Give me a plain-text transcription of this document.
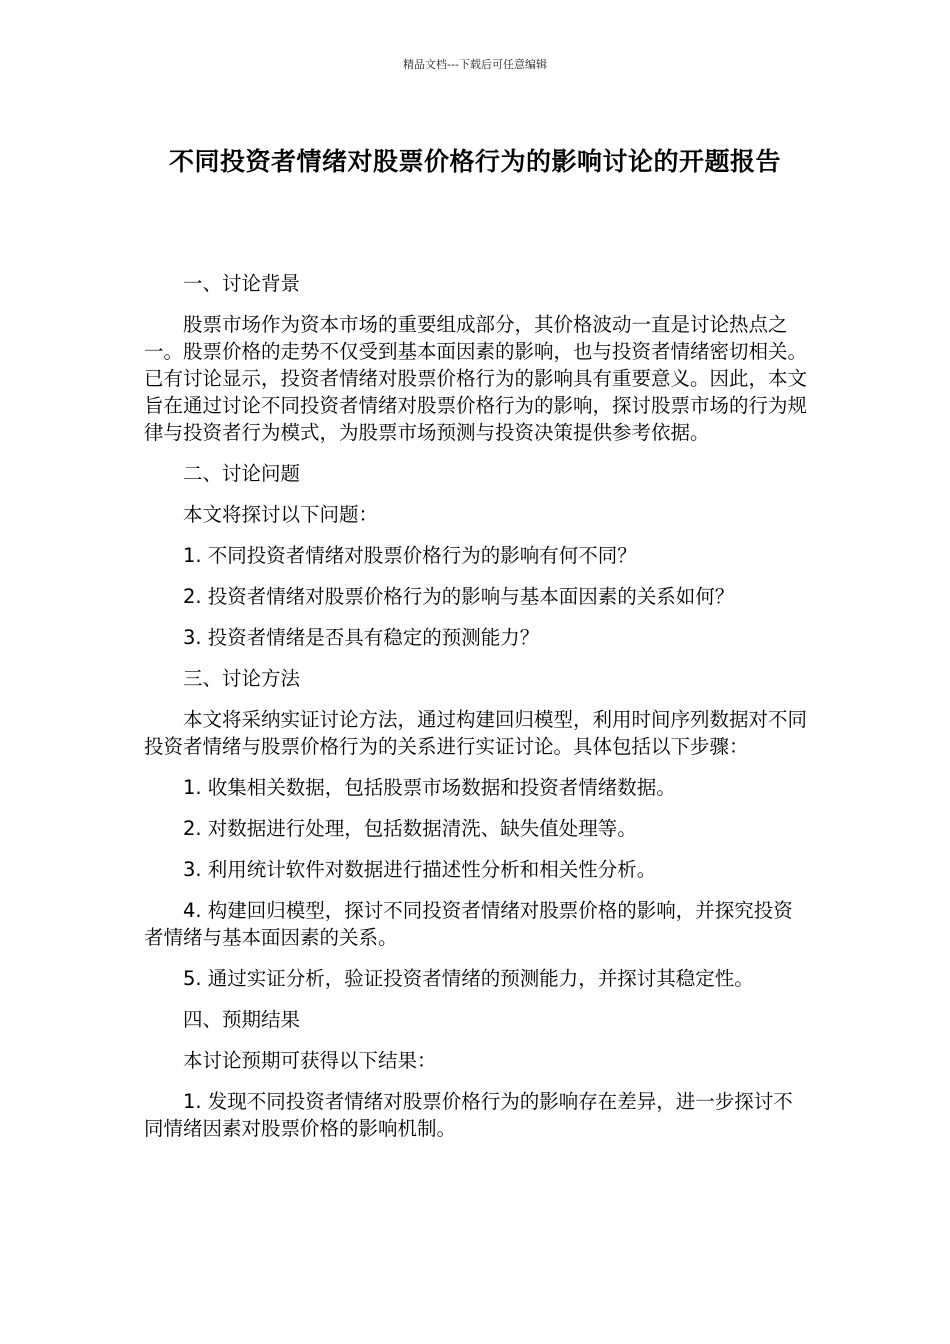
精品文档---下载后可任意编辑
不同投资者情绪对股票价格行为的影响讨论的开题报告

一、讨论背景

股票市场作为资本市场的重要组成部分，其价格波动一直是讨论热点之一。股票价格的走势不仅受到基本面因素的影响，也与投资者情绪密切相关。已有讨论显示，投资者情绪对股票价格行为的影响具有重要意义。因此，本文旨在通过讨论不同投资者情绪对股票价格行为的影响，探讨股票市场的行为规律与投资者行为模式，为股票市场预测与投资决策提供参考依据。

二、讨论问题

本文将探讨以下问题：

1. 不同投资者情绪对股票价格行为的影响有何不同？

2. 投资者情绪对股票价格行为的影响与基本面因素的关系如何？

3. 投资者情绪是否具有稳定的预测能力？

三、讨论方法

本文将采纳实证讨论方法，通过构建回归模型，利用时间序列数据对不同投资者情绪与股票价格行为的关系进行实证讨论。具体包括以下步骤：

1. 收集相关数据，包括股票市场数据和投资者情绪数据。

2. 对数据进行处理，包括数据清洗、缺失值处理等。

3. 利用统计软件对数据进行描述性分析和相关性分析。

4. 构建回归模型，探讨不同投资者情绪对股票价格的影响，并探究投资者情绪与基本面因素的关系。

5. 通过实证分析，验证投资者情绪的预测能力，并探讨其稳定性。

四、预期结果

本讨论预期可获得以下结果：

1. 发现不同投资者情绪对股票价格行为的影响存在差异，进一步探讨不同情绪因素对股票价格的影响机制。
